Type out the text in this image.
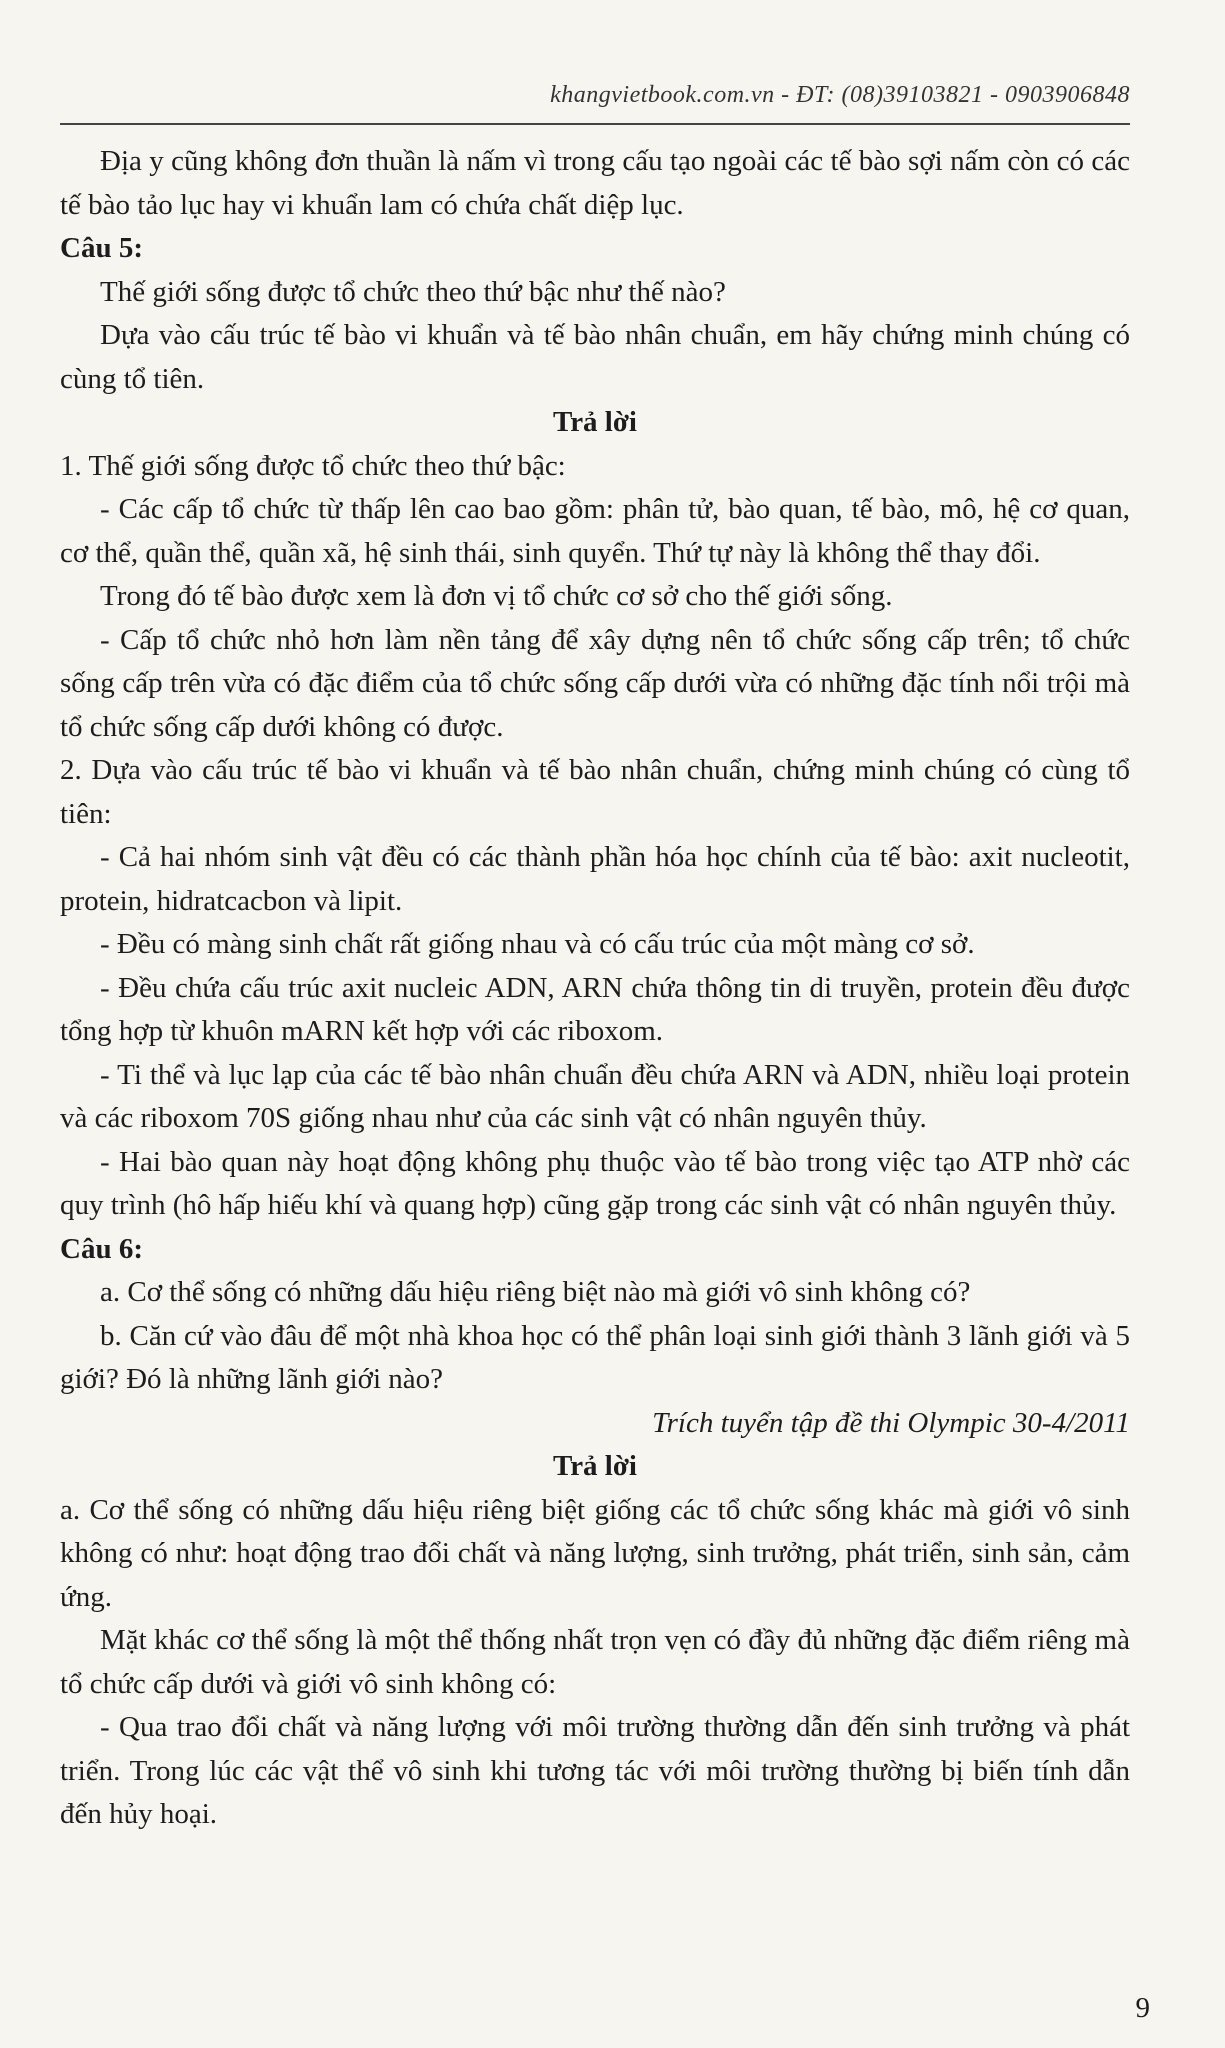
khangvietbook.com.vn - ĐT: (08)39103821 - 0903906848

Địa y cũng không đơn thuần là nấm vì trong cấu tạo ngoài các tế bào sợi nấm còn có các tế bào tảo lục hay vi khuẩn lam có chứa chất diệp lục.

Câu 5:

Thế giới sống được tổ chức theo thứ bậc như thế nào?

Dựa vào cấu trúc tế bào vi khuẩn và tế bào nhân chuẩn, em hãy chứng minh chúng có cùng tổ tiên.

Trả lời

1. Thế giới sống được tổ chức theo thứ bậc:

- Các cấp tổ chức từ thấp lên cao bao gồm: phân tử, bào quan, tế bào, mô, hệ cơ quan, cơ thể, quần thể, quần xã, hệ sinh thái, sinh quyển. Thứ tự này là không thể thay đổi.

Trong đó tế bào được xem là đơn vị tổ chức cơ sở cho thế giới sống.

- Cấp tổ chức nhỏ hơn làm nền tảng để xây dựng nên tổ chức sống cấp trên; tổ chức sống cấp trên vừa có đặc điểm của tổ chức sống cấp dưới vừa có những đặc tính nổi trội mà tổ chức sống cấp dưới không có được.

2. Dựa vào cấu trúc tế bào vi khuẩn và tế bào nhân chuẩn, chứng minh chúng có cùng tổ tiên:

- Cả hai nhóm sinh vật đều có các thành phần hóa học chính của tế bào: axit nucleotit, protein, hidratcacbon và lipit.

- Đều có màng sinh chất rất giống nhau và có cấu trúc của một màng cơ sở.

- Đều chứa cấu trúc axit nucleic ADN, ARN chứa thông tin di truyền, protein đều được tổng hợp từ khuôn mARN kết hợp với các riboxom.

- Ti thể và lục lạp của các tế bào nhân chuẩn đều chứa ARN và ADN, nhiều loại protein và các riboxom 70S giống nhau như của các sinh vật có nhân nguyên thủy.

- Hai bào quan này hoạt động không phụ thuộc vào tế bào trong việc tạo ATP nhờ các quy trình (hô hấp hiếu khí và quang hợp) cũng gặp trong các sinh vật có nhân nguyên thủy.

Câu 6:

a. Cơ thể sống có những dấu hiệu riêng biệt nào mà giới vô sinh không có?

b. Căn cứ vào đâu để một nhà khoa học có thể phân loại sinh giới thành 3 lãnh giới và 5 giới? Đó là những lãnh giới nào?

Trích tuyển tập đề thi Olympic 30-4/2011

Trả lời

a. Cơ thể sống có những dấu hiệu riêng biệt giống các tổ chức sống khác mà giới vô sinh không có như: hoạt động trao đổi chất và năng lượng, sinh trưởng, phát triển, sinh sản, cảm ứng.

Mặt khác cơ thể sống là một thể thống nhất trọn vẹn có đầy đủ những đặc điểm riêng mà tổ chức cấp dưới và giới vô sinh không có:

- Qua trao đổi chất và năng lượng với môi trường thường dẫn đến sinh trưởng và phát triển. Trong lúc các vật thể vô sinh khi tương tác với môi trường thường bị biến tính dẫn đến hủy hoại.

9
